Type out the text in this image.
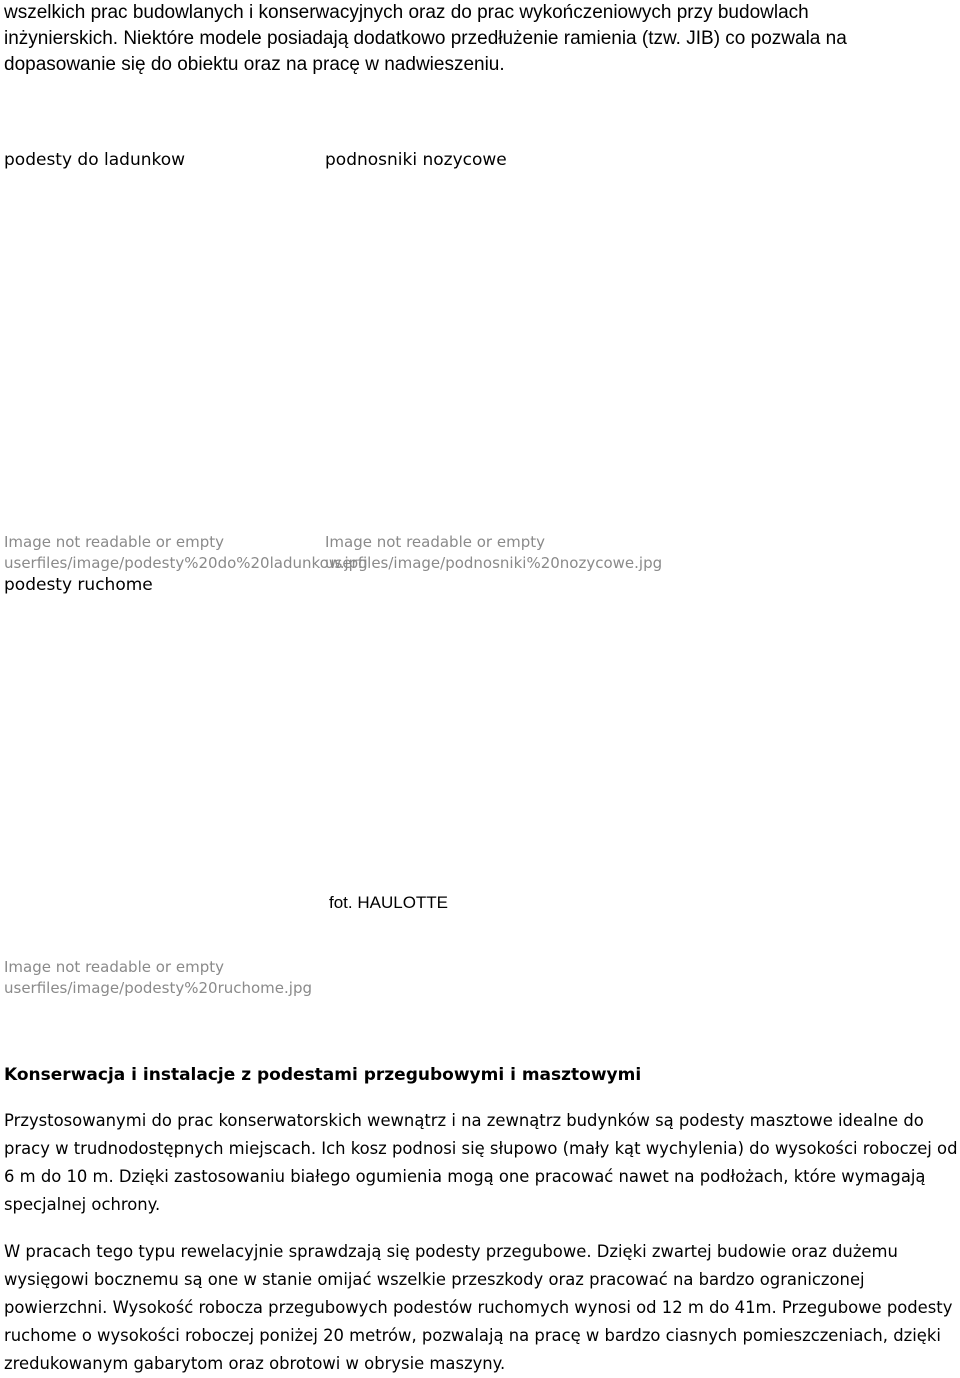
wszelkich prac budowlanych i konserwacyjnych oraz do prac wykończeniowych przy budowlach

inżynierskich. Niektóre modele posiadają dodatkowo przedłużenie ramienia (tzw. JIB) co pozwala na

dopasowanie się do obiektu oraz na pracę w nadwieszeniu.

podesty do ladunkow
Image not readable or empty
userfiles/image/podesty%20do%20ladunkow.jpg
podnosniki nozycowe
Image not readable or empty
userfiles/image/podnosniki%20nozycowe.jpg
podesty ruchome
fot. HAULOTTE
Image not readable or empty
userfiles/image/podesty%20ruchome.jpg
Konserwacja i instalacje z podestami przegubowymi i masztowymi

Przystosowanymi do prac konserwatorskich wewnątrz i na zewnątrz budynków są podesty masztowe idealne do pracy w trudnodostępnych miejscach. Ich kosz podnosi się słupowo (mały kąt wychylenia) do wysokości roboczej od 6 m do 10 m. Dzięki zastosowaniu białego ogumienia mogą one pracować nawet na podłożach, które wymagają specjalnej ochrony.

W pracach tego typu rewelacyjnie sprawdzają się podesty przegubowe. Dzięki zwartej budowie oraz dużemu wysięgowi bocznemu są one w stanie omijać wszelkie przeszkody oraz pracować na bardzo ograniczonej powierzchni. Wysokość robocza przegubowych podestów ruchomych wynosi od 12 m do 41m. Przegubowe podesty ruchome o wysokości roboczej poniżej 20 metrów, pozwalają na pracę w bardzo ciasnych pomieszczeniach, dzięki zredukowanym gabarytom oraz obrotowi w obrysie maszyny.
